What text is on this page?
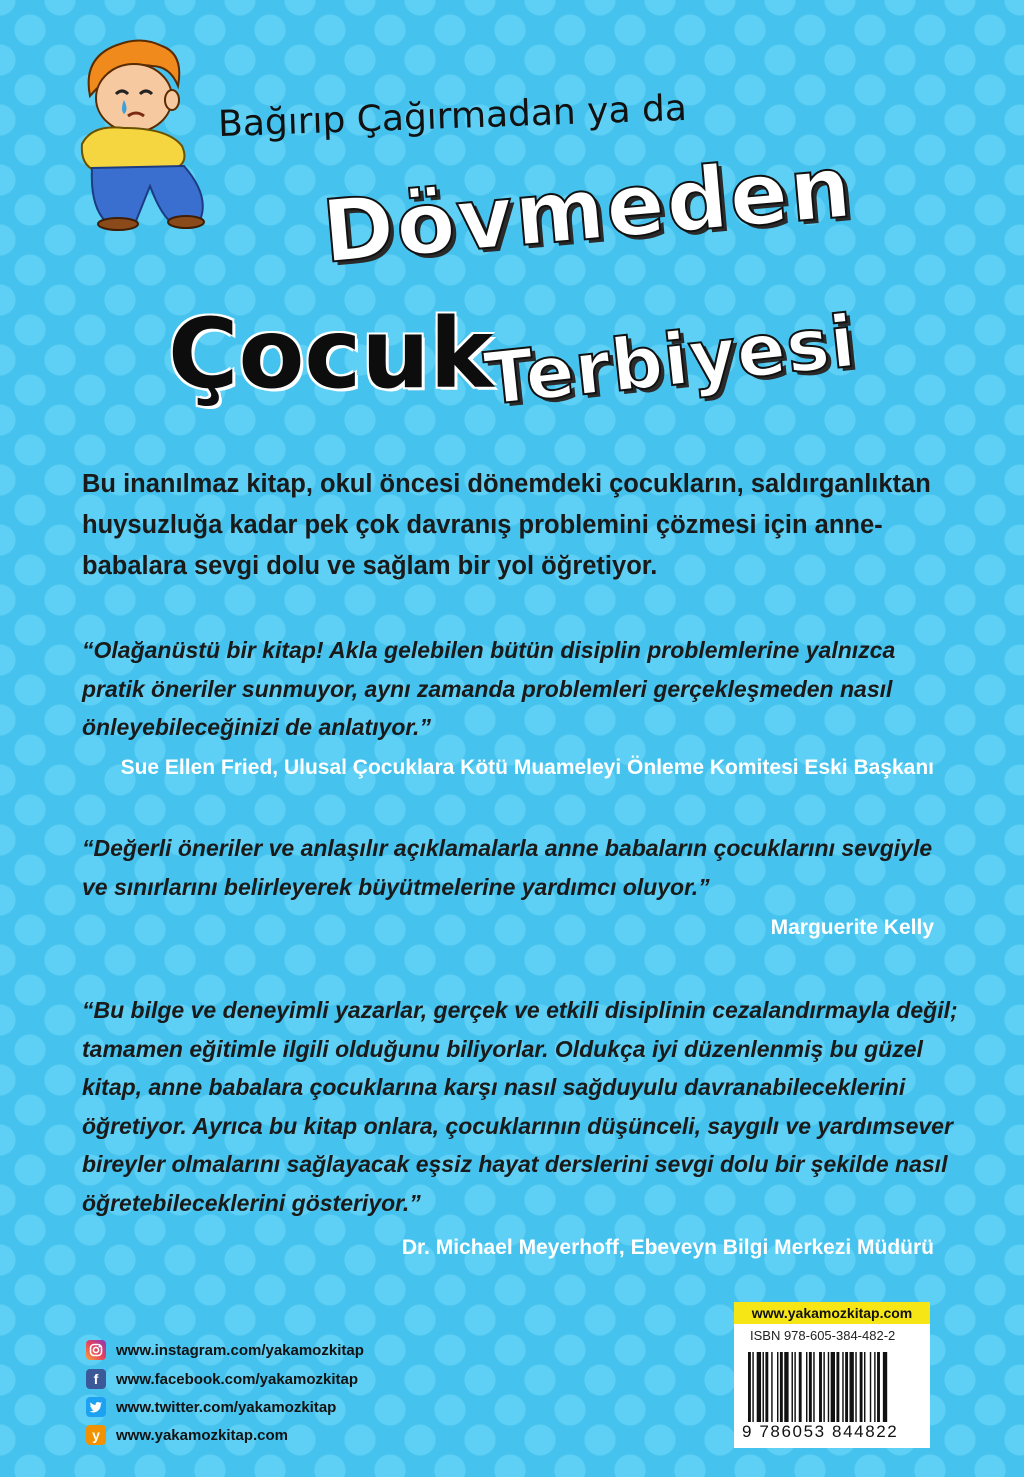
Bağırıp Çağırmadan ya da
Dövmeden
Çocuk
Terbiyesi
Bu inanılmaz kitap, okul öncesi dönemdeki çocukların, saldırganlıktan huysuzluğa kadar pek çok davranış problemini çözmesi için anne-babalara sevgi dolu ve sağlam bir yol öğretiyor.
“Olağanüstü bir kitap! Akla gelebilen bütün disiplin problemlerine yalnızca pratik öneriler sunmuyor, aynı zamanda problemleri gerçekleşmeden nasıl önleyebileceğinizi de anlatıyor.”
Sue Ellen Fried, Ulusal Çocuklara Kötü Muameleyi Önleme Komitesi Eski Başkanı
“Değerli öneriler ve anlaşılır açıklamalarla anne babaların çocuklarını sevgiyle ve sınırlarını belirleyerek büyütmelerine yardımcı oluyor.”
Marguerite Kelly
“Bu bilge ve deneyimli yazarlar, gerçek ve etkili disiplinin cezalandırmayla değil; tamamen eğitimle ilgili olduğunu biliyorlar. Oldukça iyi düzenlenmiş bu güzel kitap, anne babalara çocuklarına karşı nasıl sağduyulu davranabileceklerini öğretiyor. Ayrıca bu kitap onlara, çocuklarının düşünceli, saygılı ve yardımsever bireyler olmalarını sağlayacak eşsiz hayat derslerini sevgi dolu bir şekilde nasıl öğretebileceklerini gösteriyor.”
Dr. Michael Meyerhoff, Ebeveyn Bilgi Merkezi Müdürü
www.instagram.com/yakamozkitap
f	www.facebook.com/yakamozkitap
www.twitter.com/yakamozkitap
y	www.yakamozkitap.com
www.yakamozkitap.com
ISBN 978-605-384-482-2
9 786053 844822
